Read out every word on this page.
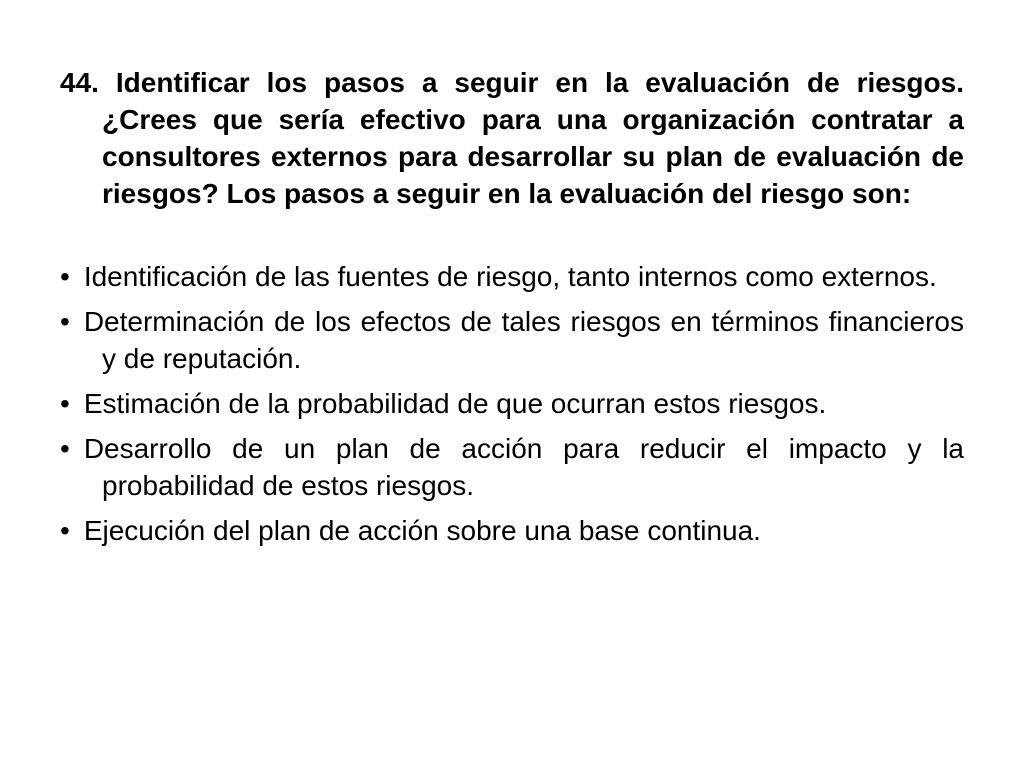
44. Identificar los pasos a seguir en la evaluación de riesgos. ¿Crees que sería efectivo para una organización contratar a consultores externos para desarrollar su plan de evaluación de riesgos? Los pasos a seguir en la evaluación del riesgo son:

• Identificación de las fuentes de riesgo, tanto internos como externos.
• Determinación de los efectos de tales riesgos en términos financieros y de reputación.
• Estimación de la probabilidad de que ocurran estos riesgos.
• Desarrollo de un plan de acción para reducir el impacto y la probabilidad de estos riesgos.
• Ejecución del plan de acción sobre una base continua.
